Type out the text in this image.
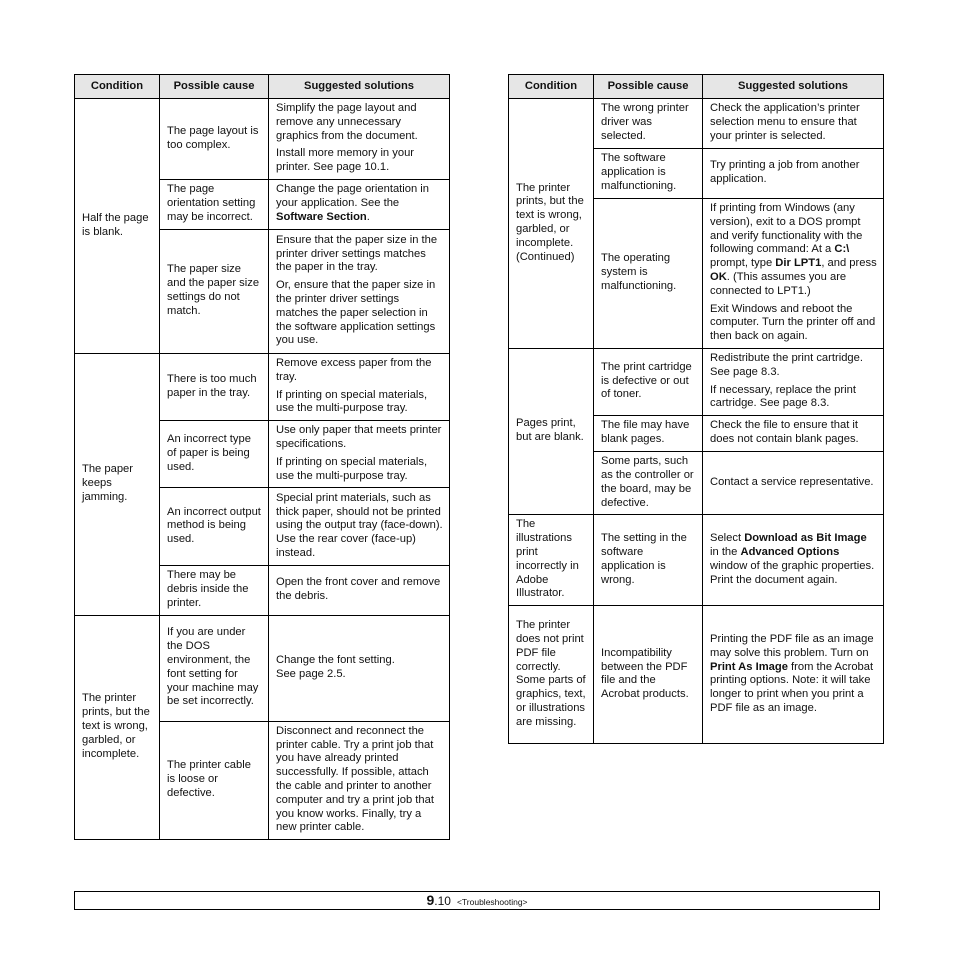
Condition	Possible cause	Suggested solutions
Half the page is blank.	The page layout is too complex.	Simplify the page layout and remove any unnecessary graphics from the document.

Install more memory in your printer. See page 10.1.

	The page orientation setting may be incorrect.	Change the page orientation in your application. See the Software Section.
	The paper size and the paper size settings do not match.	Ensure that the paper size in the printer driver settings matches the paper in the tray.

Or, ensure that the paper size in the printer driver settings matches the paper selection in the software application settings you use.

The paper keeps jamming.	There is too much paper in the tray.	Remove excess paper from the tray.

If printing on special materials, use the multi-purpose tray.

	An incorrect type of paper is being used.	Use only paper that meets printer specifications.

If printing on special materials, use the multi-purpose tray.

	An incorrect output method is being used.	Special print materials, such as thick paper, should not be printed using the output tray (face-down). Use the rear cover (face-up) instead.

	There may be debris inside the printer.	Open the front cover and remove the debris.

The printer prints, but the text is wrong, garbled, or incomplete.	If you are under the DOS environment, the font setting for your machine may be set incorrectly.	Change the font setting.

See page 2.5.

	The printer cable is loose or defective.	Disconnect and reconnect the printer cable. Try a print job that you have already printed successfully. If possible, attach the cable and printer to another computer and try a print job that you know works. Finally, try a new printer cable.

Condition	Possible cause	Suggested solutions
The printer prints, but the text is wrong, garbled, or incomplete. (Continued)	The wrong printer driver was selected.	Check the application’s printer selection menu to ensure that your printer is selected.

	The software application is malfunctioning.	Try printing a job from another application.

	The operating system is malfunctioning.	If printing from Windows (any version), exit to a DOS prompt and verify functionality with the following command: At a C:\ prompt, type Dir LPT1, and press OK. (This assumes you are connected to LPT1.)

Exit Windows and reboot the computer. Turn the printer off and then back on again.

Pages print, but are blank.	The print cartridge is defective or out of toner.	Redistribute the print cartridge. See page 8.3.

If necessary, replace the print cartridge. See page 8.3.

	The file may have blank pages.	Check the file to ensure that it does not contain blank pages.

	Some parts, such as the controller or the board, may be defective.	Contact a service representative.

The illustrations print incorrectly in Adobe Illustrator.	The setting in the software application is wrong.	Select Download as Bit Image in the Advanced Options window of the graphic properties. Print the document again.

The printer does not print PDF file correctly. Some parts of graphics, text, or illustrations are missing.	Incompatibility between the PDF file and the Acrobat products.	Printing the PDF file as an image may solve this problem. Turn on Print As Image from the Acrobat printing options. Note: it will take longer to print when you print a PDF file as an image.

9.10 <Troubleshooting>
